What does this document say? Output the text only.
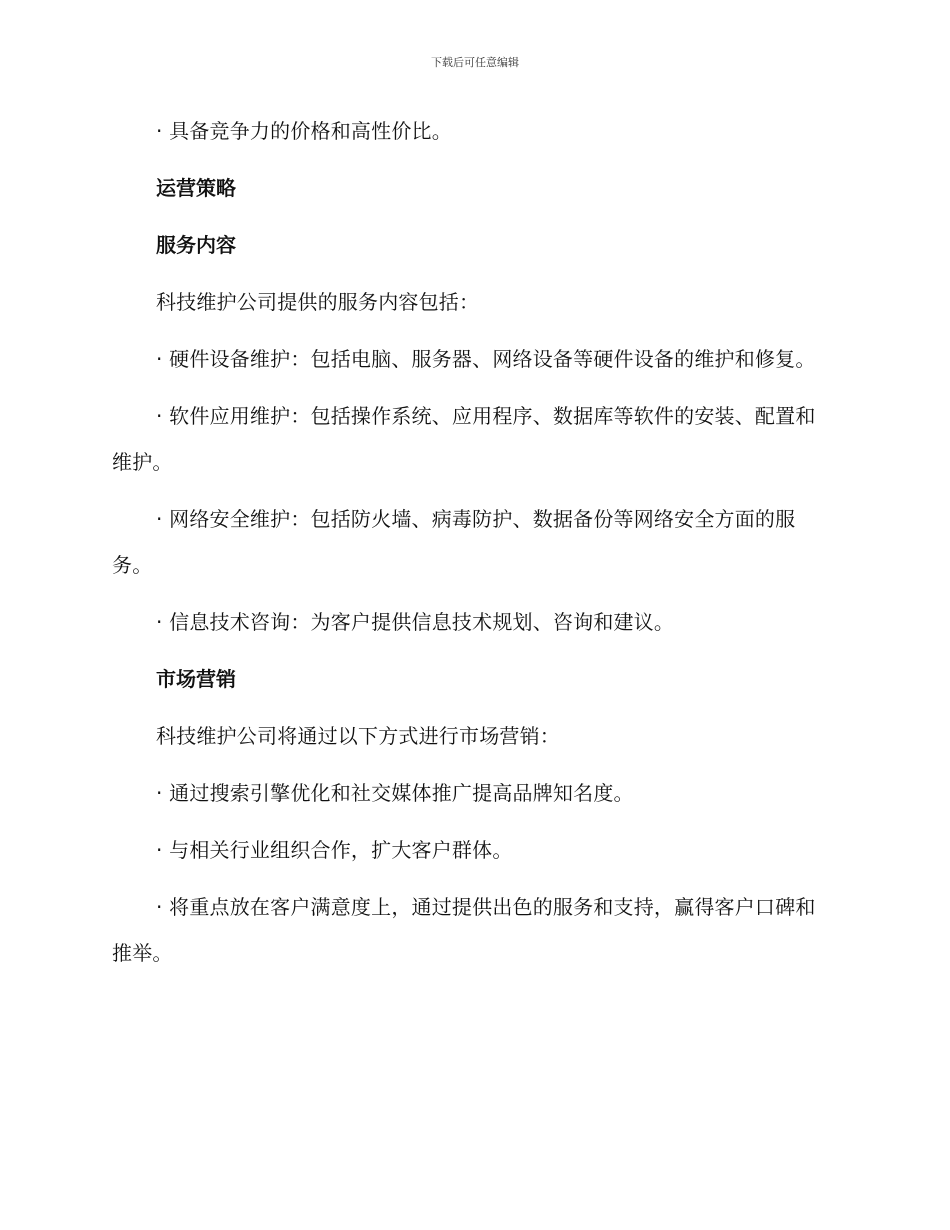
下载后可任意编辑

· 具备竞争力的价格和高性价比。

运营策略

服务内容

科技维护公司提供的服务内容包括：

· 硬件设备维护：包括电脑、服务器、网络设备等硬件设备的维护和修复。

· 软件应用维护：包括操作系统、应用程序、数据库等软件的安装、配置和维护。

· 网络安全维护：包括防火墙、病毒防护、数据备份等网络安全方面的服务。

· 信息技术咨询：为客户提供信息技术规划、咨询和建议。

市场营销

科技维护公司将通过以下方式进行市场营销：

· 通过搜索引擎优化和社交媒体推广提高品牌知名度。

· 与相关行业组织合作，扩大客户群体。

· 将重点放在客户满意度上，通过提供出色的服务和支持，赢得客户口碑和推举。
